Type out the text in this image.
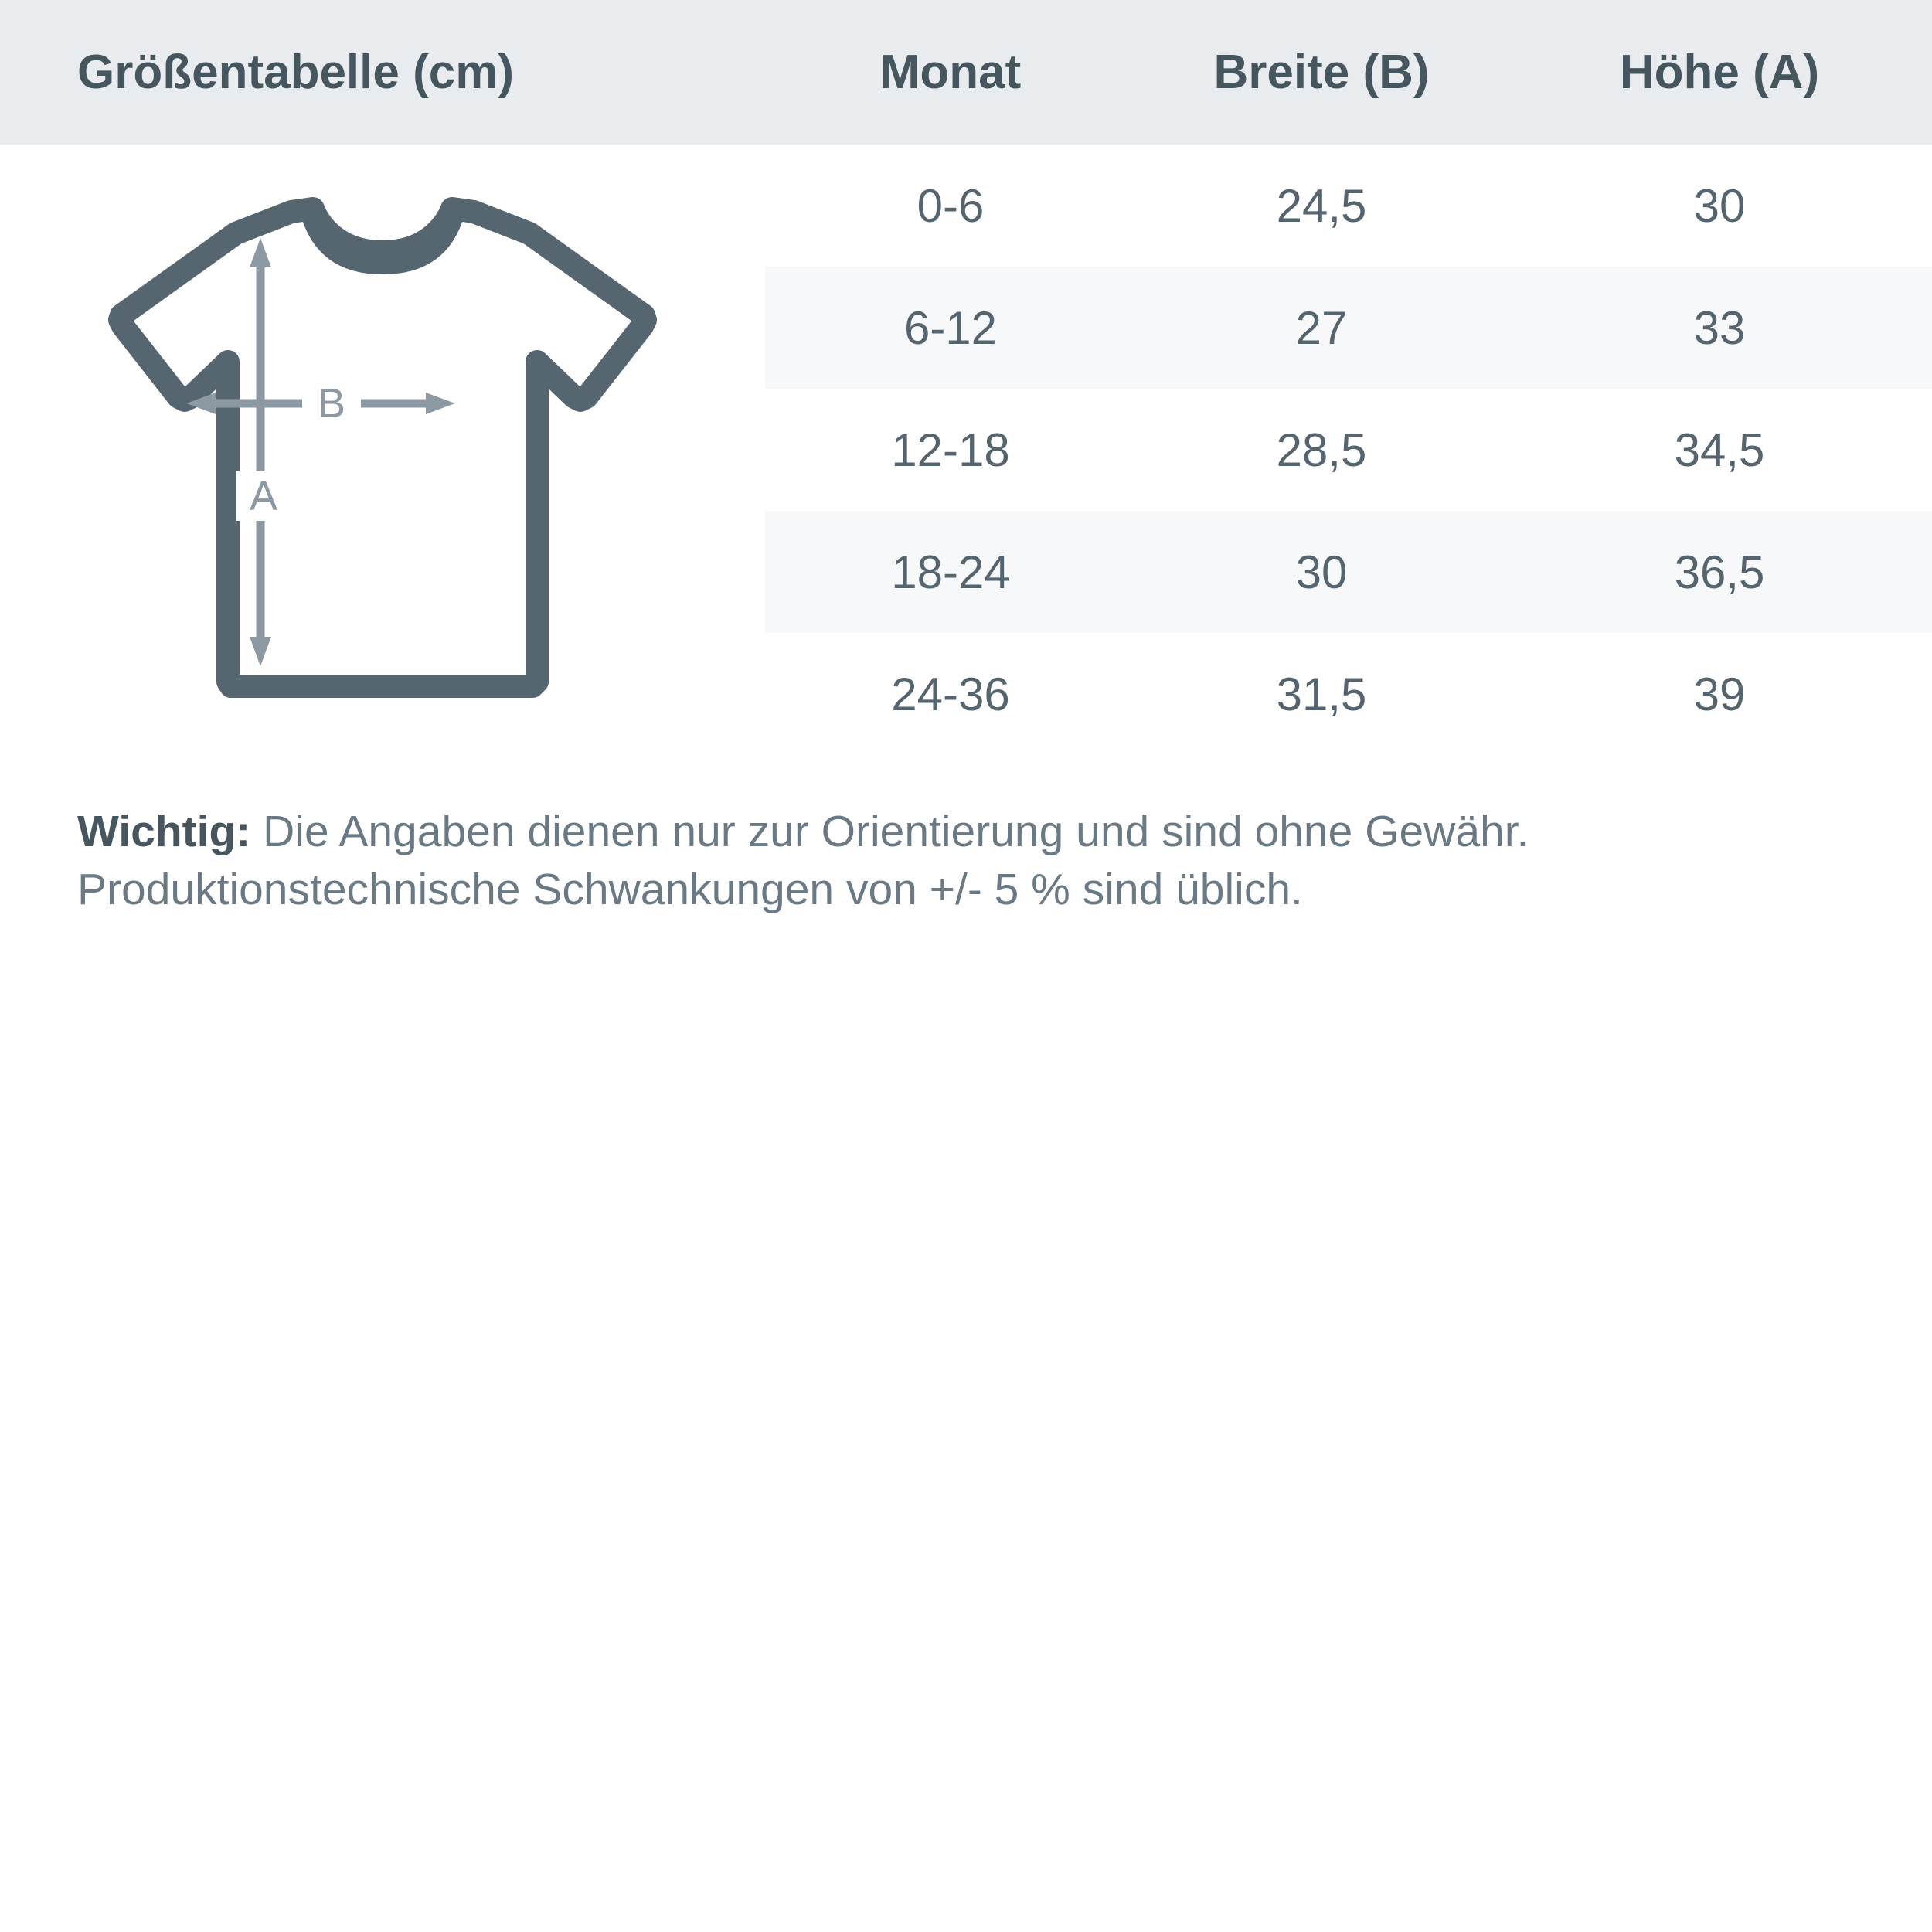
Größentabelle (cm)	Monat	Breite (B)	Höhe (A)

B
A	0-6	24,5	30
	6-12	27	33
	12-18	28,5	34,5
	18-24	30	36,5
	24-36	31,5	39

Wichtig: Die Angaben dienen nur zur Orientierung und sind ohne Gewähr. Produktionstechnische Schwankungen von +/- 5 % sind üblich.
